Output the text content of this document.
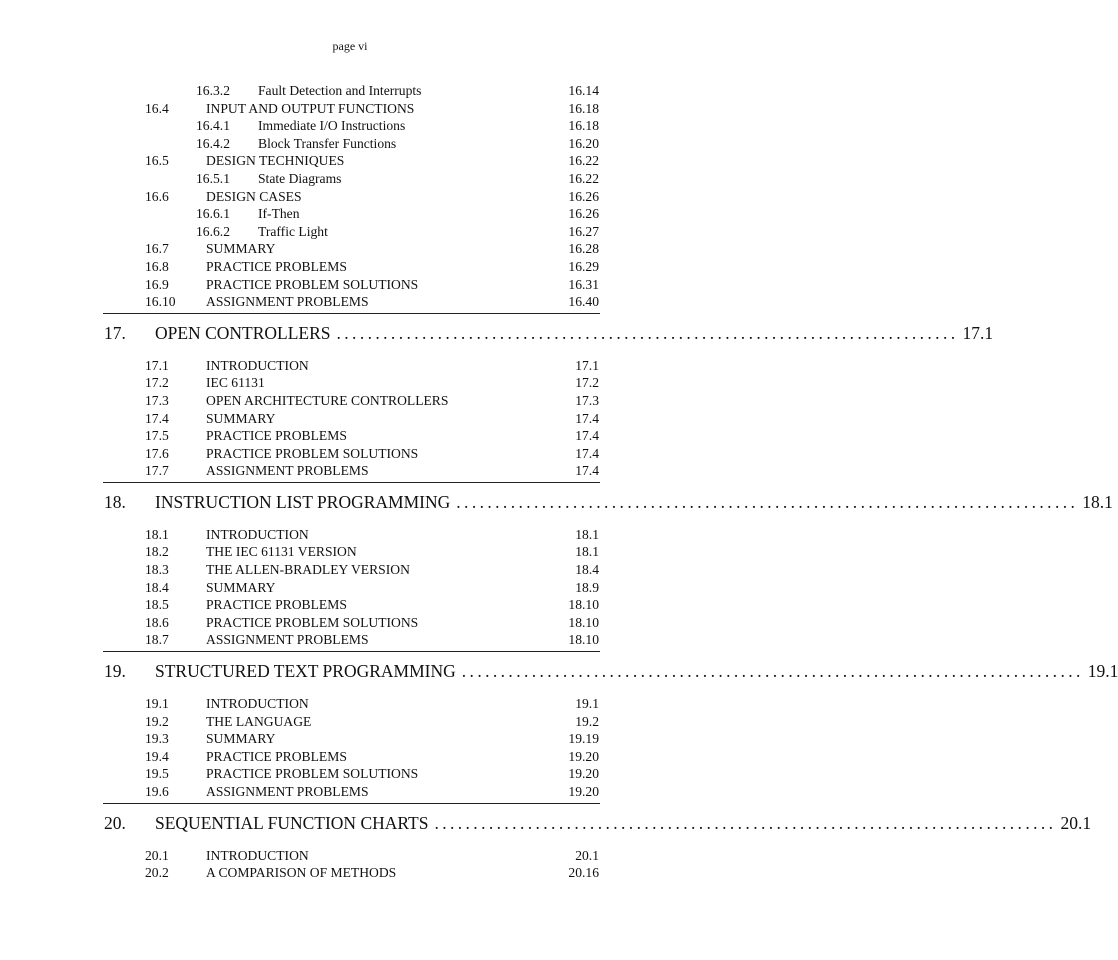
page vi
16.3.2 Fault Detection and Interrupts	16.14
16.4	INPUT AND OUTPUT FUNCTIONS	16.18
16.4.1 Immediate I/O Instructions	16.18
16.4.2 Block Transfer Functions	16.20
16.5	DESIGN TECHNIQUES	16.22
16.5.1 State Diagrams	16.22
16.6	DESIGN CASES	16.26
16.6.1 If-Then	16.26
16.6.2 Traffic Light	16.27
16.7	SUMMARY	16.28
16.8	PRACTICE PROBLEMS	16.29
16.9	PRACTICE PROBLEM SOLUTIONS	16.31
16.10 ASSIGNMENT PROBLEMS	16.40
17. OPEN CONTROLLERS ................................................................................ 17.1
17.1	INTRODUCTION	17.1
17.2	IEC 61131	17.2
17.3	OPEN ARCHITECTURE CONTROLLERS	17.3
17.4	SUMMARY	17.4
17.5	PRACTICE PROBLEMS	17.4
17.6	PRACTICE PROBLEM SOLUTIONS	17.4
17.7	ASSIGNMENT PROBLEMS	17.4
18. INSTRUCTION LIST PROGRAMMING ................................................................................ 18.1
18.1	INTRODUCTION	18.1
18.2	THE IEC 61131 VERSION	18.1
18.3	THE ALLEN-BRADLEY VERSION	18.4
18.4	SUMMARY	18.9
18.5	PRACTICE PROBLEMS	18.10
18.6	PRACTICE PROBLEM SOLUTIONS	18.10
18.7	ASSIGNMENT PROBLEMS	18.10
19. STRUCTURED TEXT PROGRAMMING ................................................................................ 19.1
19.1	INTRODUCTION	19.1
19.2	THE LANGUAGE	19.2
19.3	SUMMARY	19.19
19.4	PRACTICE PROBLEMS	19.20
19.5	PRACTICE PROBLEM SOLUTIONS	19.20
19.6	ASSIGNMENT PROBLEMS	19.20
20. SEQUENTIAL FUNCTION CHARTS ................................................................................ 20.1
20.1	INTRODUCTION	20.1
20.2	A COMPARISON OF METHODS	20.16
